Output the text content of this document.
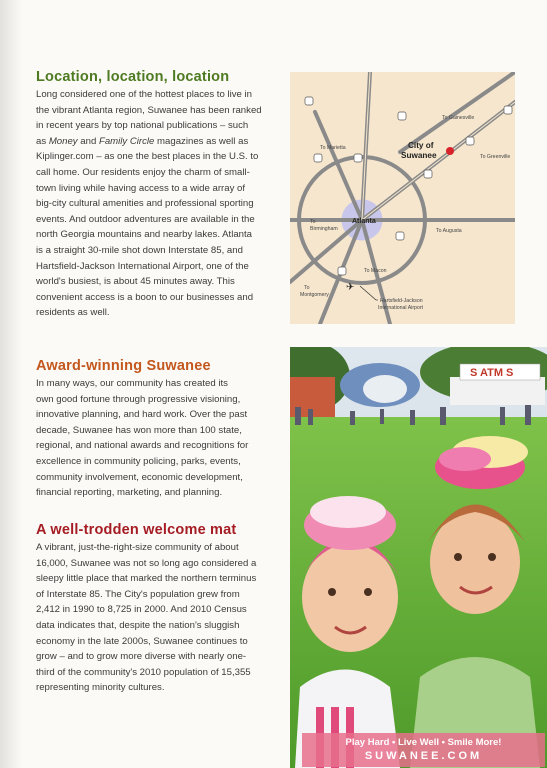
Location, location, location

Long considered one of the hottest places to live in
the vibrant Atlanta region, Suwanee has been ranked
in recent years by top national publications – such
as Money and Family Circle magazines as well as
Kiplinger.com – as one the best places in the U.S. to
call home. Our residents enjoy the charm of small-
town living while having access to a wide array of
big-city cultural amenities and professional sporting
events. And outdoor adventures are available in the
north Georgia mountains and nearby lakes. Atlanta
is a straight 30-mile shot down Interstate 85, and
Hartsfield-Jackson International Airport, one of the
world's busiest, is about 45 minutes away. This
convenient access is a boon to our businesses and
residents as well.

Award-winning Suwanee

In many ways, our community has created its
own good fortune through progressive visioning,
innovative planning, and hard work. Over the past
decade, Suwanee has won more than 100 state,
regional, and national awards and recognitions for
excellence in community policing, parks, events,
community involvement, economic development,
financial reporting, marketing, and planning.

A well-trodden welcome mat

A vibrant, just-the-right-size community of about
16,000, Suwanee was not so long ago considered a
sleepy little place that marked the northern terminus
of Interstate 85. The City's population grew from
2,412 in 1990 to 8,725 in 2000. And 2010 Census
data indicates that, despite the nation's sluggish
economy in the late 2000s, Suwanee continues to
grow – and to grow more diverse with nearly one-
third of the community's 2010 population of 15,355
representing minority cultures.

✈
City of
Suwanee
Atlanta
To Marietta
To Gainesville
To Greenville
To
Birmingham	To Augusta
To Macon
To
Montgomery
Hartsfield-Jackson
International Airport
S ATM S
Play Hard • Live Well • Smile More!
SUWANEE.COM
